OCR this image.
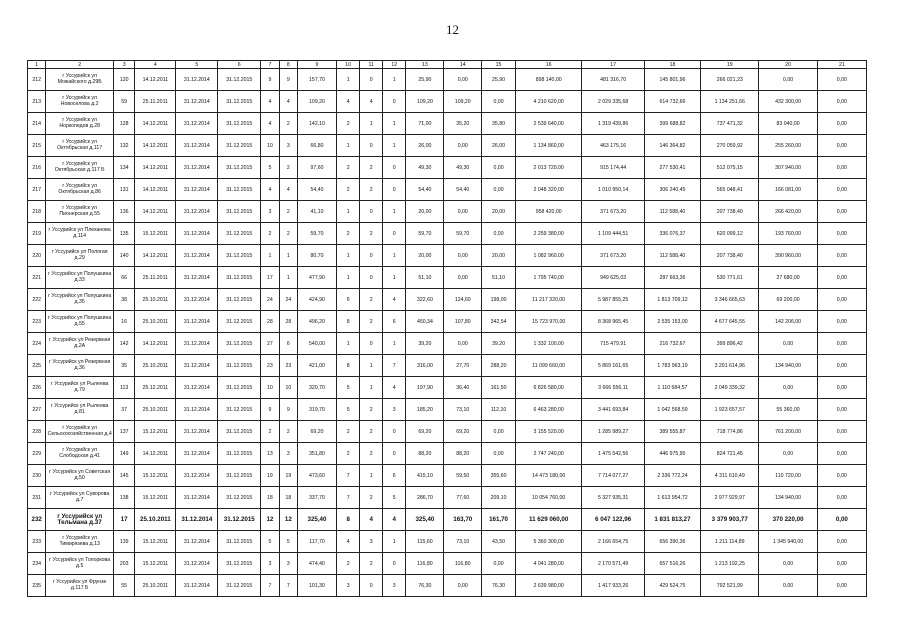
12
1	2	3	4	5	6	7	8	9	10	11	12	13	14	15	16	17	18	19	20	21
212	г Уссурийск ул Можайского д.29Б	120	14.12.2011	31.12.2014	31.12.2015	9	9	157,70	1	0	1	25,90	0,00	25,90	898 140,00	481 316,70	145 801,96	266 021,23	0,00	0,00
213	г Уссурийск ул Новоселова д.2	59	25.11.2011	31.12.2014	31.12.2015	4	4	109,20	4	4	0	109,20	109,20	0,00	4 210 620,00	2 029 335,68	614 732,66	1 134 251,66	432 300,00	0,00
214	г Уссурийск ул Норкопедов д.28	128	14.12.2011	31.12.2014	31.12.2015	4	2	142,10	2	1	1	71,00	35,20	35,80	2 539 640,00	1 319 439,86	399 688,82	737 471,32	83 040,00	0,00
215	г Уссурийск ул Октябрьская д.117	132	14.12.2011	31.12.2014	31.12.2015	10	3	66,80	1	0	1	26,00	0,00	26,00	1 134 860,00	463 175,16	146 364,82	270 059,92	255 260,00	0,00
216	г Уссурийск ул Октябрьская д.117 Б	134	14.12.2011	31.12.2014	31.12.2015	5	2	97,60	2	2	0	49,30	49,30	0,00	2 013 720,00	915 174,44	277 530,41	512 075,15	307 940,00	0,00
217	г Уссурийск ул Октябрьская д.86	131	14.12.2011	31.12.2014	31.12.2015	4	4	54,40	2	2	0	54,40	54,40	0,00	2 048 320,00	1 010 950,14	306 240,45	565 048,41	166 081,00	0,00
218	г Уссурийск ул Пионерская д.55	136	14.12.2011	31.12.2014	31.12.2015	3	2	41,10	1	0	1	20,00	0,00	20,00	958 420,00	371 673,20	112 588,40	207 738,40	266 420,00	0,00
219	г Уссурийск ул Плеханова д.114	135	15.12.2011	31.12.2014	31.12.2015	2	2	59,70	2	2	0	59,70	59,70	0,00	2 259 380,00	1 109 444,51	336 076,37	620 099,12	193 760,00	0,00
220	г Уссурийск ул Пологая д.29	140	14.12.2011	31.12.2014	31.12.2015	1	1	80,70	1	0	1	20,00	0,00	20,00	1 082 960,00	371 673,20	112 588,40	207 738,40	390 960,00	0,00
221	г Уссурийск ул Полушкина д.33	66	25.11.2011	31.12.2014	31.12.2015	17	1	477,90	1	0	1	51,10	0,00	51,10	1 795 740,00	949 625,03	287 663,36	530 771,61	27 680,00	0,00
222	г Уссурийск ул Полушкина д.35	38	25.10.2011	31.12.2014	31.12.2015	24	24	424,90	6	2	4	322,60	124,60	198,00	11 217 320,00	5 987 855,25	1 813 709,12	3 346 665,63	69 200,00	0,00
223	г Уссурийск ул Полушкина д.55	16	25.10.2011	31.12.2014	31.12.2015	28	28	496,20	8	2	6	450,34	107,80	342,54	15 723 970,00	8 368 965,45	2 535 153,00	4 677 645,55	142 206,00	0,00
224	г Уссурийск ул Резервная д.2А	142	14.12.2011	31.12.2014	31.12.2015	27	6	540,00	1	0	1	39,20	0,00	39,20	1 332 100,00	715 479,91	216 732,67	399 896,42	0,00	0,00
225	г Уссурийск ул Резервная д.36	35	25.10.2011	31.12.2014	31.12.2015	23	23	421,00	8	1	7	316,00	27,70	288,20	11 099 660,00	5 869 161,65	1 783 963,19	3 291 614,96	134 940,00	0,00
226	г Уссурийск ул Рылеева д.79	113	25.12.2011	31.12.2014	31.12.2015	10	10	320,70	5	1	4	197,90	36,40	161,50	6 826 580,00	3 666 556,11	1 110 684,57	2 049 339,32	0,00	0,00
227	г Уссурийск ул Рылеева д.81	37	25.10.2011	31.12.2014	31.12.2015	9	9	319,70	5	2	3	185,20	73,10	112,10	6 463 280,00	3 441 693,84	1 042 568,59	1 923 657,57	55 360,00	0,00
228	г Уссурийск ул Сельскохозяйственная д.4	137	15.12.2011	31.12.2014	31.12.2015	2	2	69,20	2	2	0	69,20	69,20	0,00	3 155 520,00	1 285 989,27	389 555,87	718 774,86	761 200,00	0,00
229	г Уссурийск ул Слободская д.41	149	14.12.2011	31.12.2014	31.12.2015	13	3	351,80	2	2	0	88,20	88,20	0,00	2 747 240,00	1 475 542,56	446 975,95	824 721,45	0,00	0,00
230	г Уссурийск ул Советская д.50	145	15.12.2011	31.12.2014	31.12.2015	19	19	473,60	7	1	6	415,10	59,50	355,60	14 473 180,00	7 714 077,27	2 336 772,24	4 311 610,49	110 720,00	0,00
231	г Уссурийск ул Суворова д.7	138	15.12.2011	31.12.2014	31.12.2015	18	18	337,70	7	2	5	286,70	77,60	209,10	10 054 760,00	5 327 935,31	1 613 954,72	2 977 929,97	134 940,00	0,00
232	г Уссурийск ул Тельмана д.37	17	25.10.2011	31.12.2014	31.12.2015	12	12	325,40	8	4	4	325,40	163,70	161,70	11 629 060,00	6 047 122,96	1 831 813,27	3 379 903,77	370 220,00	0,00
233	г Уссурийск ул Тимирязева д.13	139	15.12.2011	31.12.2014	31.12.2015	5	5	117,70	4	3	1	115,60	73,10	43,50	5 360 300,00	2 166 654,75	656 390,36	1 211 114,89	1 345 940,00	0,00
234	г Уссурийск ул Топоркова д.5	203	15.12.2011	31.12.2014	31.12.2015	3	3	474,40	2	2	0	116,80	116,80	0,00	4 041 280,00	2 170 571,49	657 516,26	1 213 192,25	0,00	0,00
235	г Уссурийск ул Фрунзе д.117 Б	55	25.10.2011	31.12.2014	31.12.2015	7	7	101,30	3	0	3	76,30	0,00	76,30	2 639 980,00	1 417 933,26	429 524,75	792 521,99	0,00	0,00
